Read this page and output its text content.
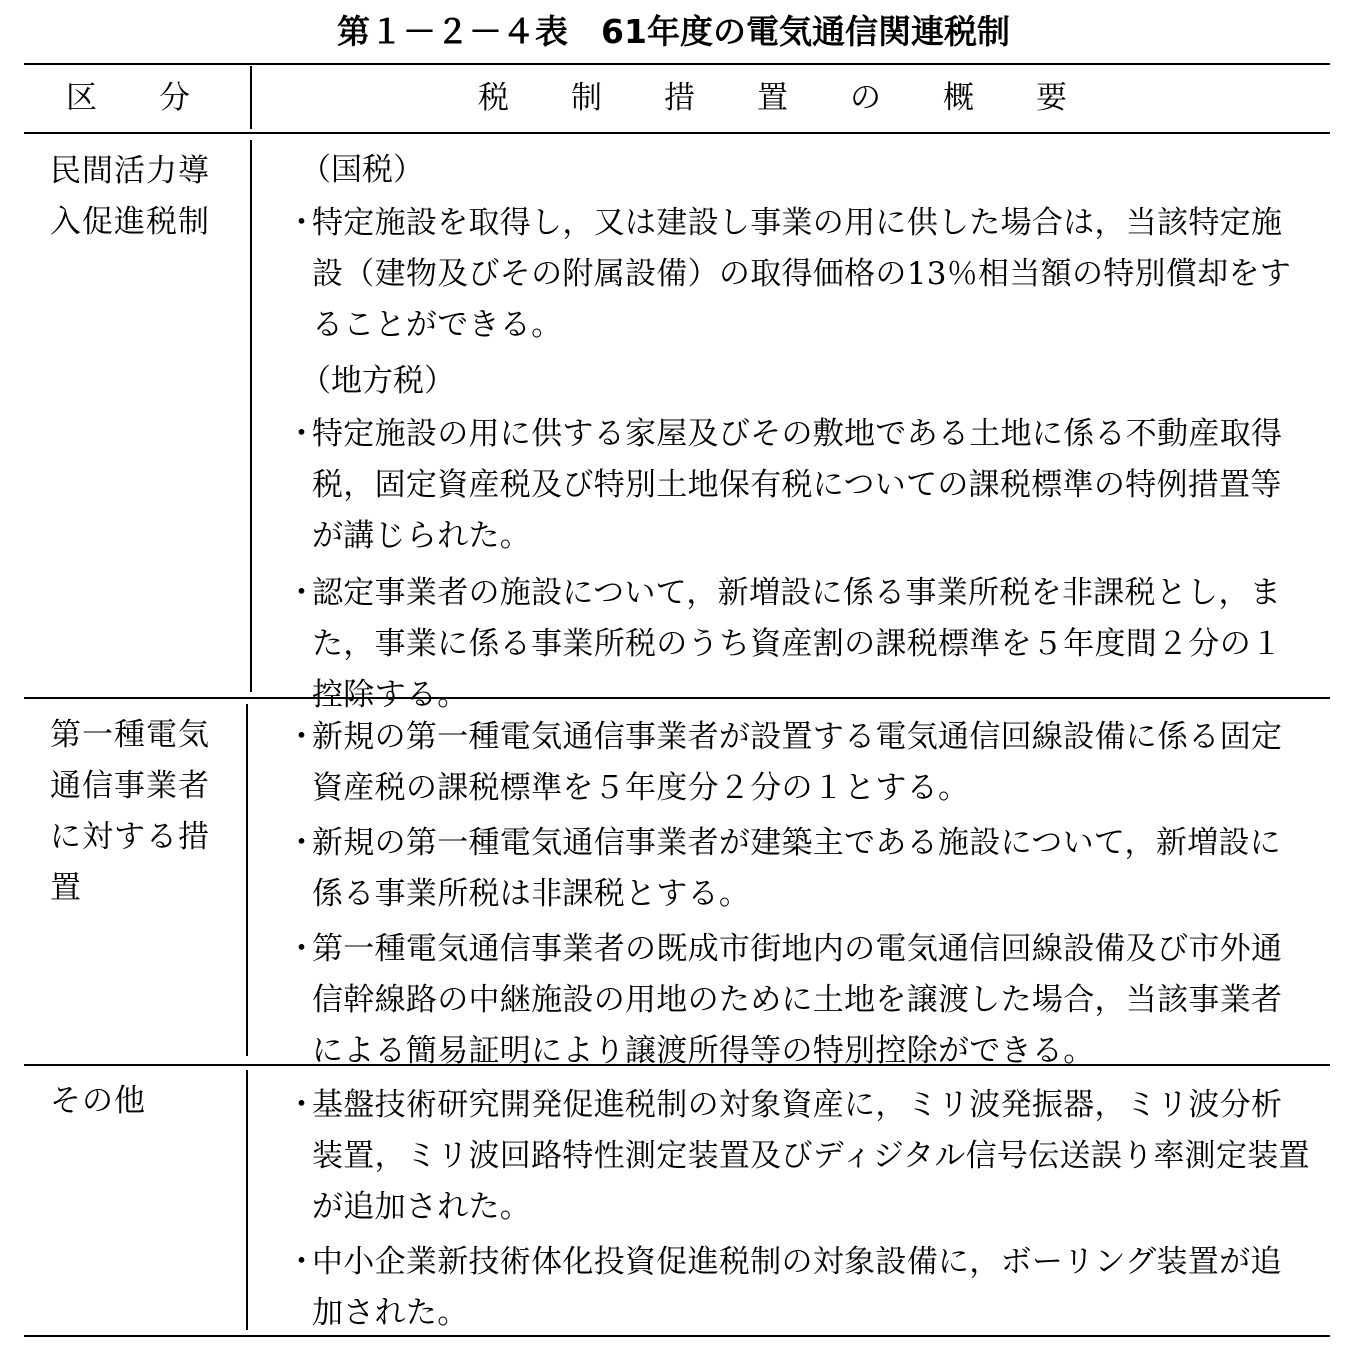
第１－２－４表　61年度の電気通信関連税制
区　　分	税　　制　　措　　置　　の　　概　　要
民間活力導
入促進税制
（国税）
・
特定施設を取得し，又は建設し事業の用に供した場合は，当該特定施設（建物及びその附属設備）の取得価格の13％相当額の特別償却をすることができる。
（地方税）
・
特定施設の用に供する家屋及びその敷地である土地に係る不動産取得税，固定資産税及び特別土地保有税についての課税標準の特例措置等が講じられた。
・
認定事業者の施設について，新増設に係る事業所税を非課税とし，また，事業に係る事業所税のうち資産割の課税標準を５年度間２分の１控除する。
第一種電気
通信事業者
に対する措
置
・
新規の第一種電気通信事業者が設置する電気通信回線設備に係る固定資産税の課税標準を５年度分２分の１とする。
・
新規の第一種電気通信事業者が建築主である施設について，新増設に係る事業所税は非課税とする。
・
第一種電気通信事業者の既成市街地内の電気通信回線設備及び市外通信幹線路の中継施設の用地のために土地を譲渡した場合，当該事業者による簡易証明により譲渡所得等の特別控除ができる。
その他	・
基盤技術研究開発促進税制の対象資産に，ミリ波発振器，ミリ波分析装置，ミリ波回路特性測定装置及びディジタル信号伝送誤り率測定装置が追加された。
・
中小企業新技術体化投資促進税制の対象設備に，ボーリング装置が追加された。
